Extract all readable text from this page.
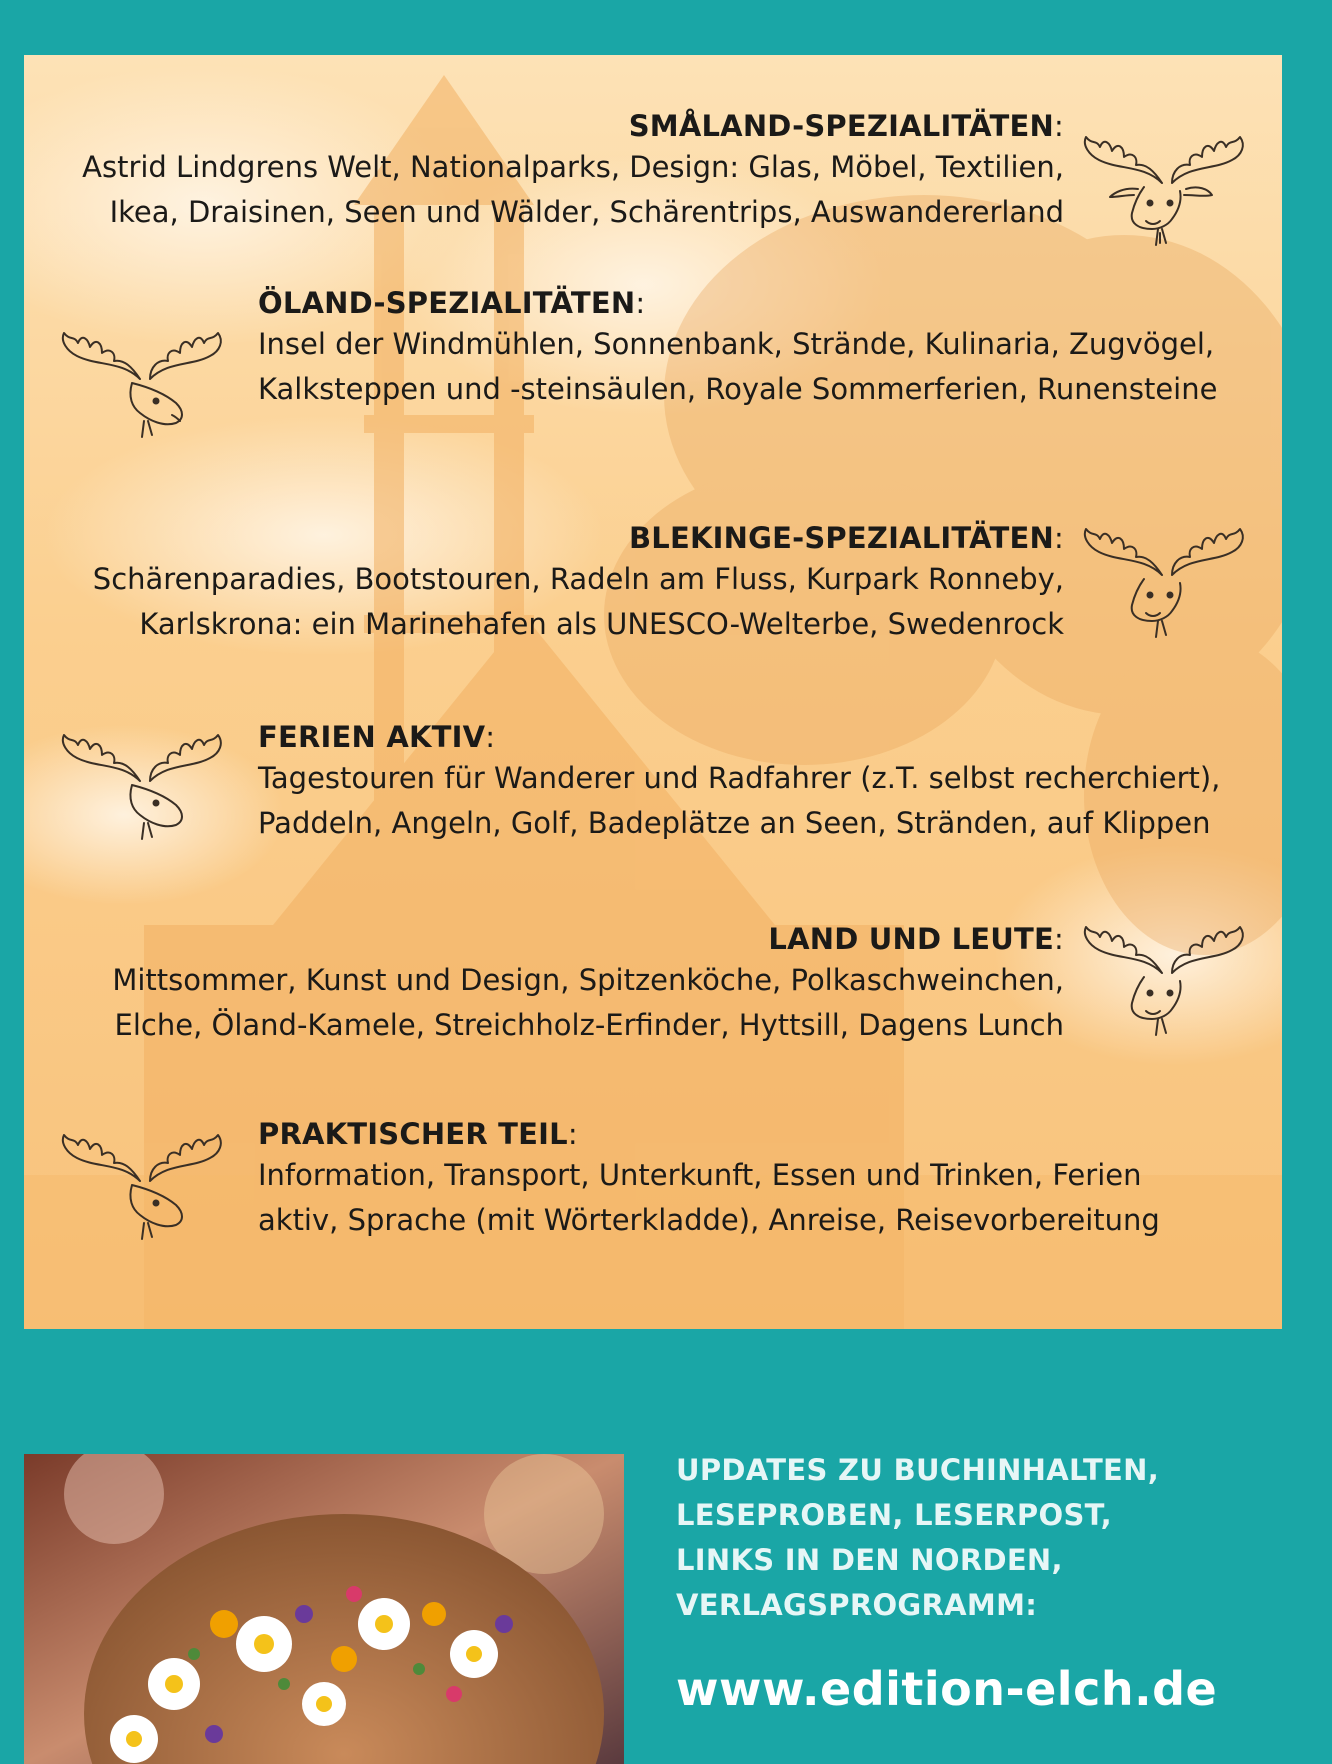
SMÅLAND-SPEZIALITÄTEN:
Astrid Lindgrens Welt, Nationalparks, Design: Glas, Möbel, Textilien,
Ikea, Draisinen, Seen und Wälder, Schärentrips, Auswandererland
ÖLAND-SPEZIALITÄTEN:
Insel der Windmühlen, Sonnenbank, Strände, Kulinaria, Zugvögel,
Kalksteppen und -steinsäulen, Royale Sommerferien, Runensteine
BLEKINGE-SPEZIALITÄTEN:
Schärenparadies, Bootstouren, Radeln am Fluss, Kurpark Ronneby,
Karlskrona: ein Marinehafen als UNESCO-Welterbe, Swedenrock
FERIEN AKTIV:
Tagestouren für Wanderer und Radfahrer (z.T. selbst recherchiert),
Paddeln, Angeln, Golf, Badeplätze an Seen, Stränden, auf Klippen
LAND UND LEUTE:
Mittsommer, Kunst und Design, Spitzenköche, Polkaschweinchen,
Elche, Öland-Kamele, Streichholz-Erfinder, Hyttsill, Dagens Lunch
PRAKTISCHER TEIL:
Information, Transport, Unterkunft, Essen und Trinken, Ferien
aktiv, Sprache (mit Wörterkladde), Anreise, Reisevorbereitung
UPDATES ZU BUCHINHALTEN,
LESEPROBEN, LESERPOST,
LINKS IN DEN NORDEN,
VERLAGSPROGRAMM:
www.edition-elch.de
